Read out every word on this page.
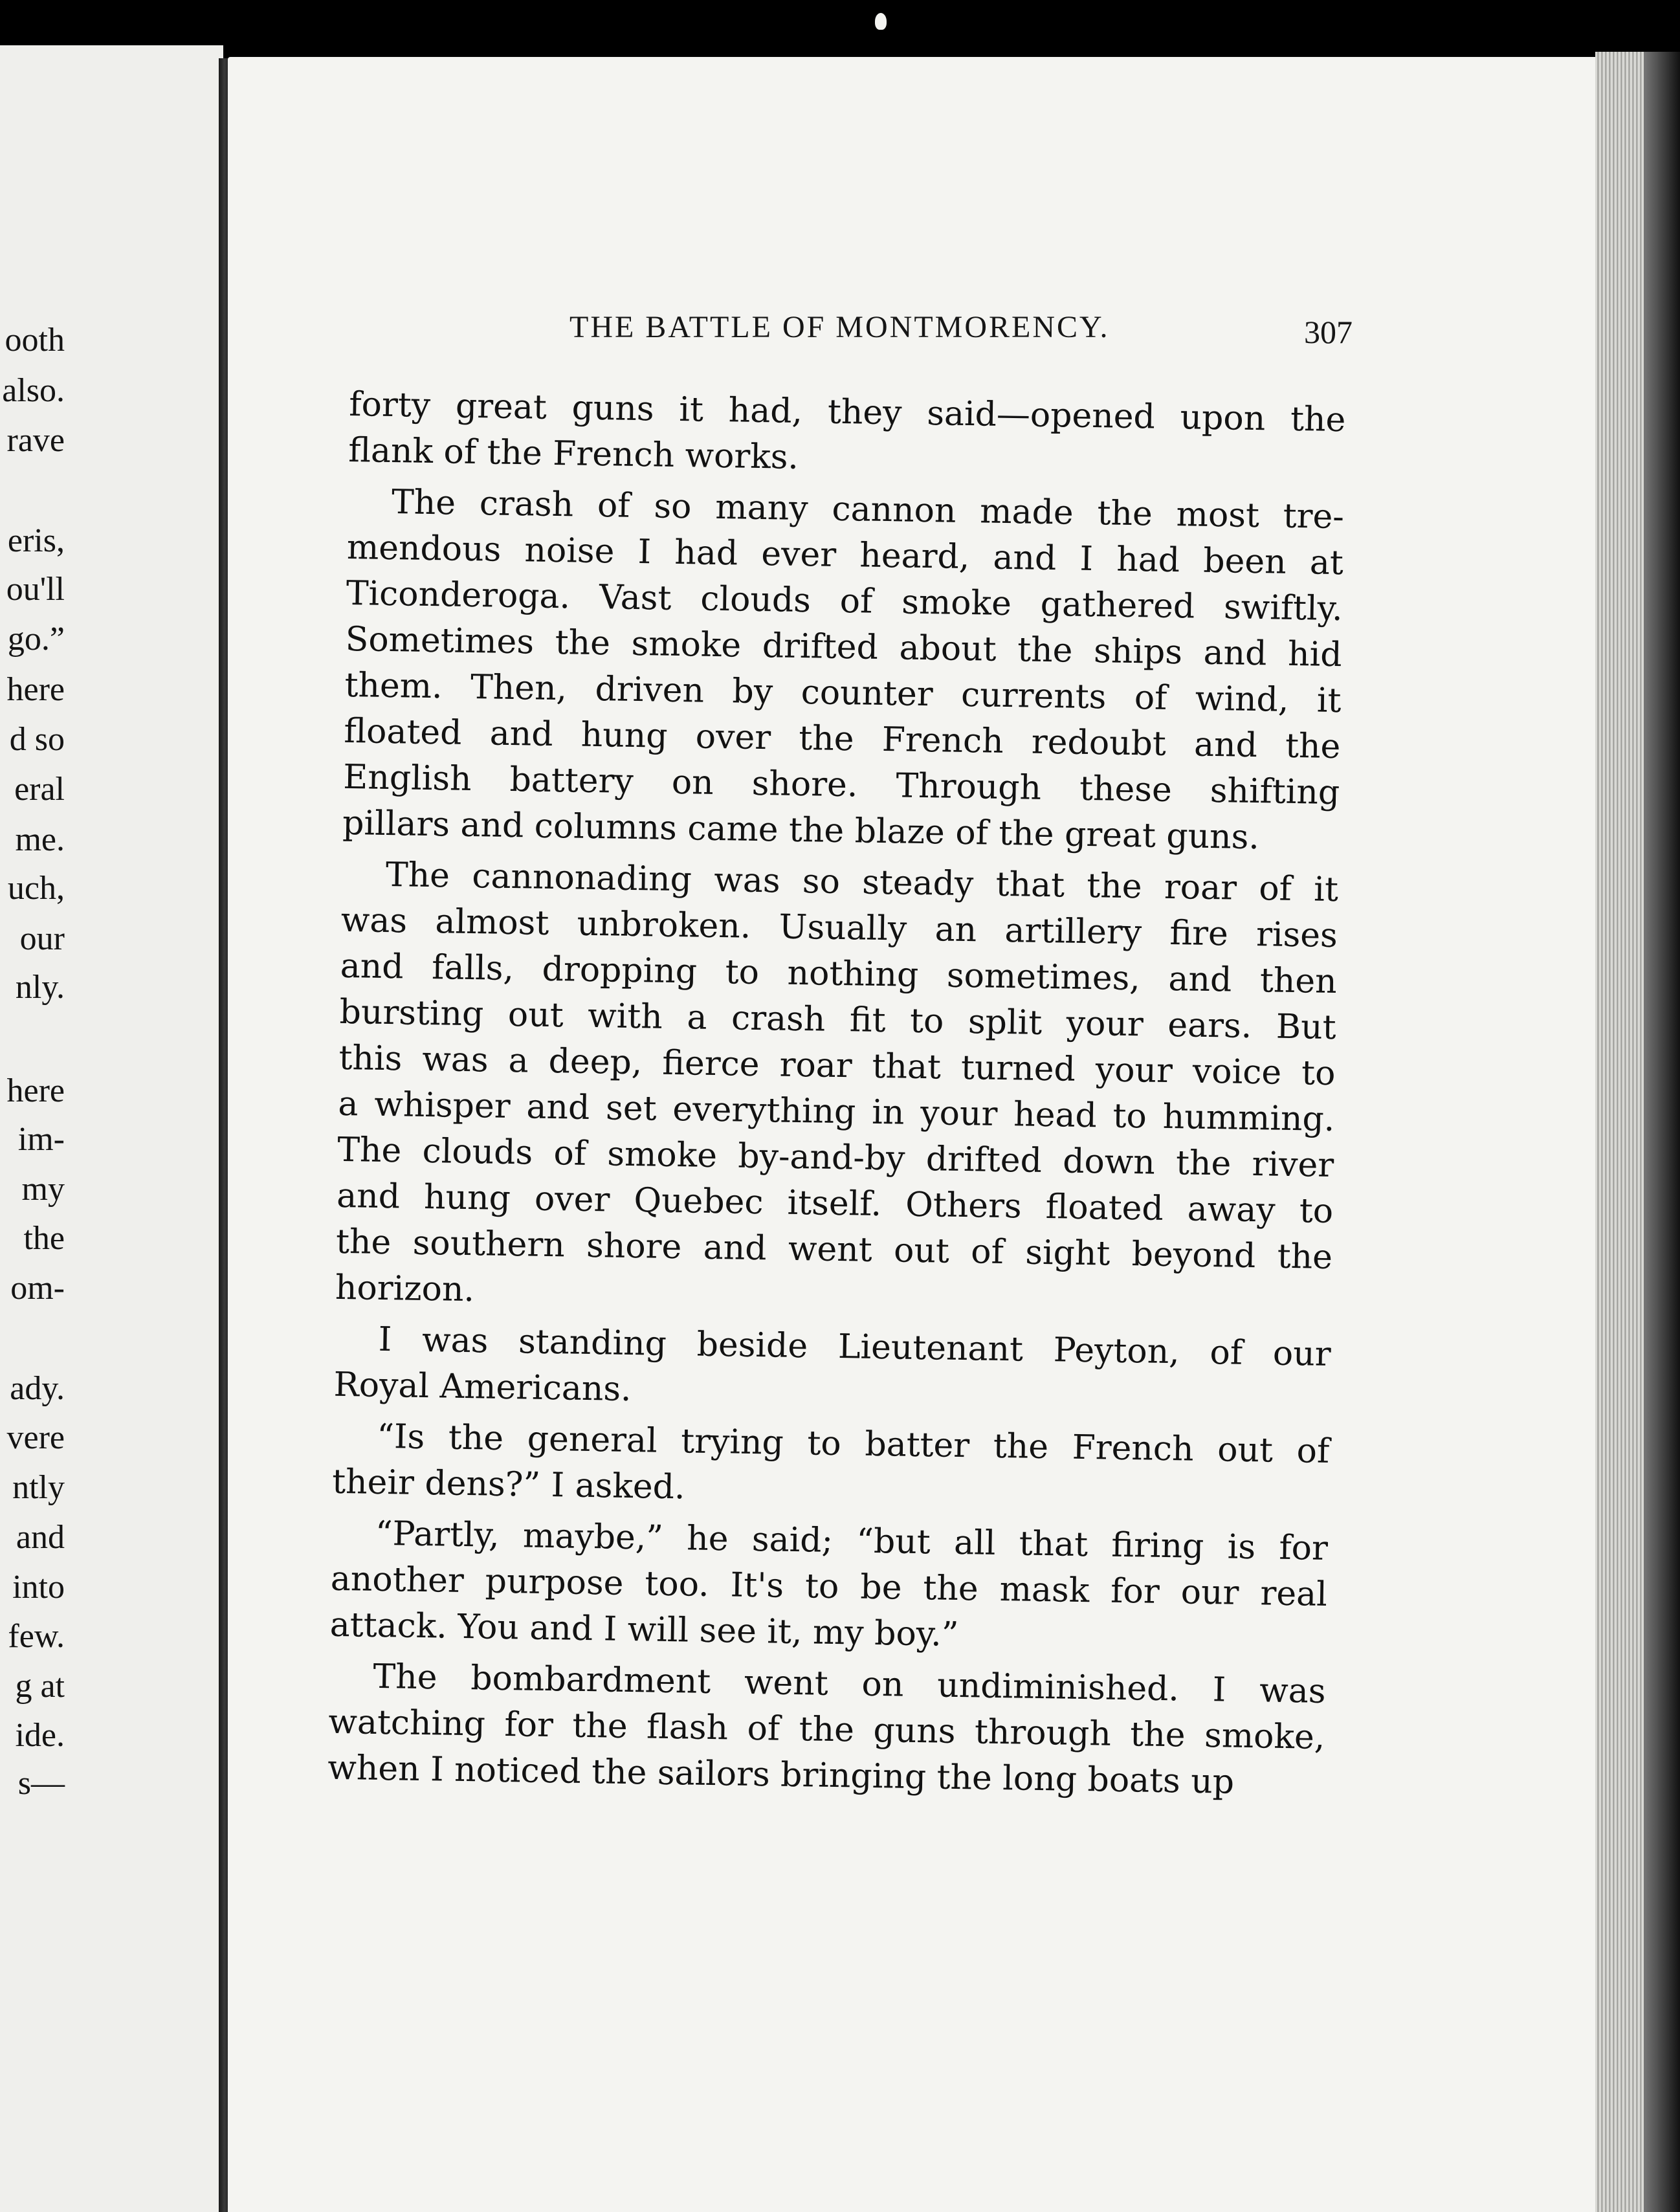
ooth
also.
rave
eris,
ou'll
go.”
here
d so
eral
me.
uch,
our
nly.
here
im-
my
the
om-
ady.
vere
ntly
and
into
few.
g at
ide.
s—
THE BATTLE OF MONTMORENCY.	307
forty great guns it had, they said—opened upon the
flank of the French works.
The crash of so many cannon made the most tre-
mendous noise I had ever heard, and I had been at
Ticonderoga. Vast clouds of smoke gathered swiftly.
Sometimes the smoke drifted about the ships and hid
them. Then, driven by counter currents of wind, it
floated and hung over the French redoubt and the
English battery on shore. Through these shifting
pillars and columns came the blaze of the great guns.
The cannonading was so steady that the roar of it
was almost unbroken. Usually an artillery fire rises
and falls, dropping to nothing sometimes, and then
bursting out with a crash fit to split your ears. But
this was a deep, fierce roar that turned your voice to
a whisper and set everything in your head to humming.
The clouds of smoke by-and-by drifted down the river
and hung over Quebec itself. Others floated away to
the southern shore and went out of sight beyond the
horizon.
I was standing beside Lieutenant Peyton, of our
Royal Americans.
“Is the general trying to batter the French out of
their dens?” I asked.
“Partly, maybe,” he said; “but all that firing is for
another purpose too. It's to be the mask for our real
attack. You and I will see it, my boy.”
The bombardment went on undiminished. I was
watching for the flash of the guns through the smoke,
when I noticed the sailors bringing the long boats up
